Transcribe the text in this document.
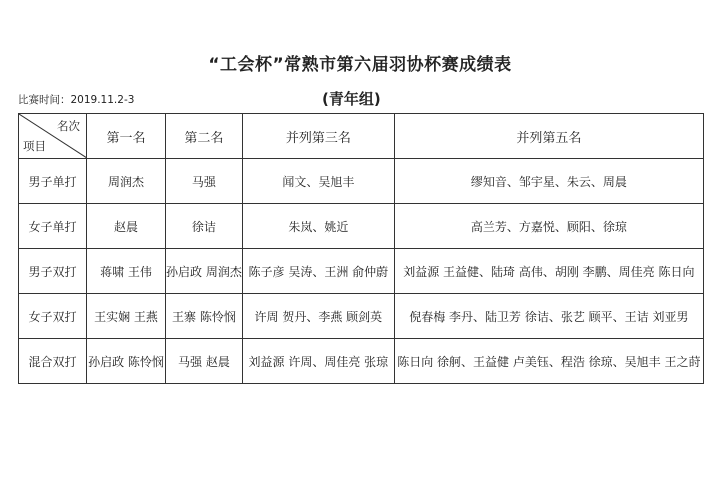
“工会杯”常熟市第六届羽协杯赛成绩表
比赛时间：2019.11.2-3	(青年组)
名次
项目	第一名	第二名	并列第三名	并列第五名
男子单打	周润杰	马强	闻文、吴旭丰	缪知音、邹宇星、朱云、周晨
女子单打	赵晨	徐诘	朱岚、姚近	高兰芳、方嘉悦、顾阳、徐琼
男子双打	蒋啸 王伟	孙启政 周润杰	陈子彦 吴涛、王洲 俞仲蔚	刘益源 王益健、陆琦 高伟、胡刚 李鹏、周佳亮 陈日向
女子双打	王实娴 王燕	王寨 陈怜悯	许周 贺丹、李燕 顾剑英	倪春梅 李丹、陆卫芳 徐诘、张艺 顾平、王诘 刘亚男
混合双打	孙启政 陈怜悯	马强 赵晨	刘益源 许周、周佳亮 张琼	陈日向 徐舸、王益健 卢美钰、程浩 徐琼、吴旭丰 王之莳
